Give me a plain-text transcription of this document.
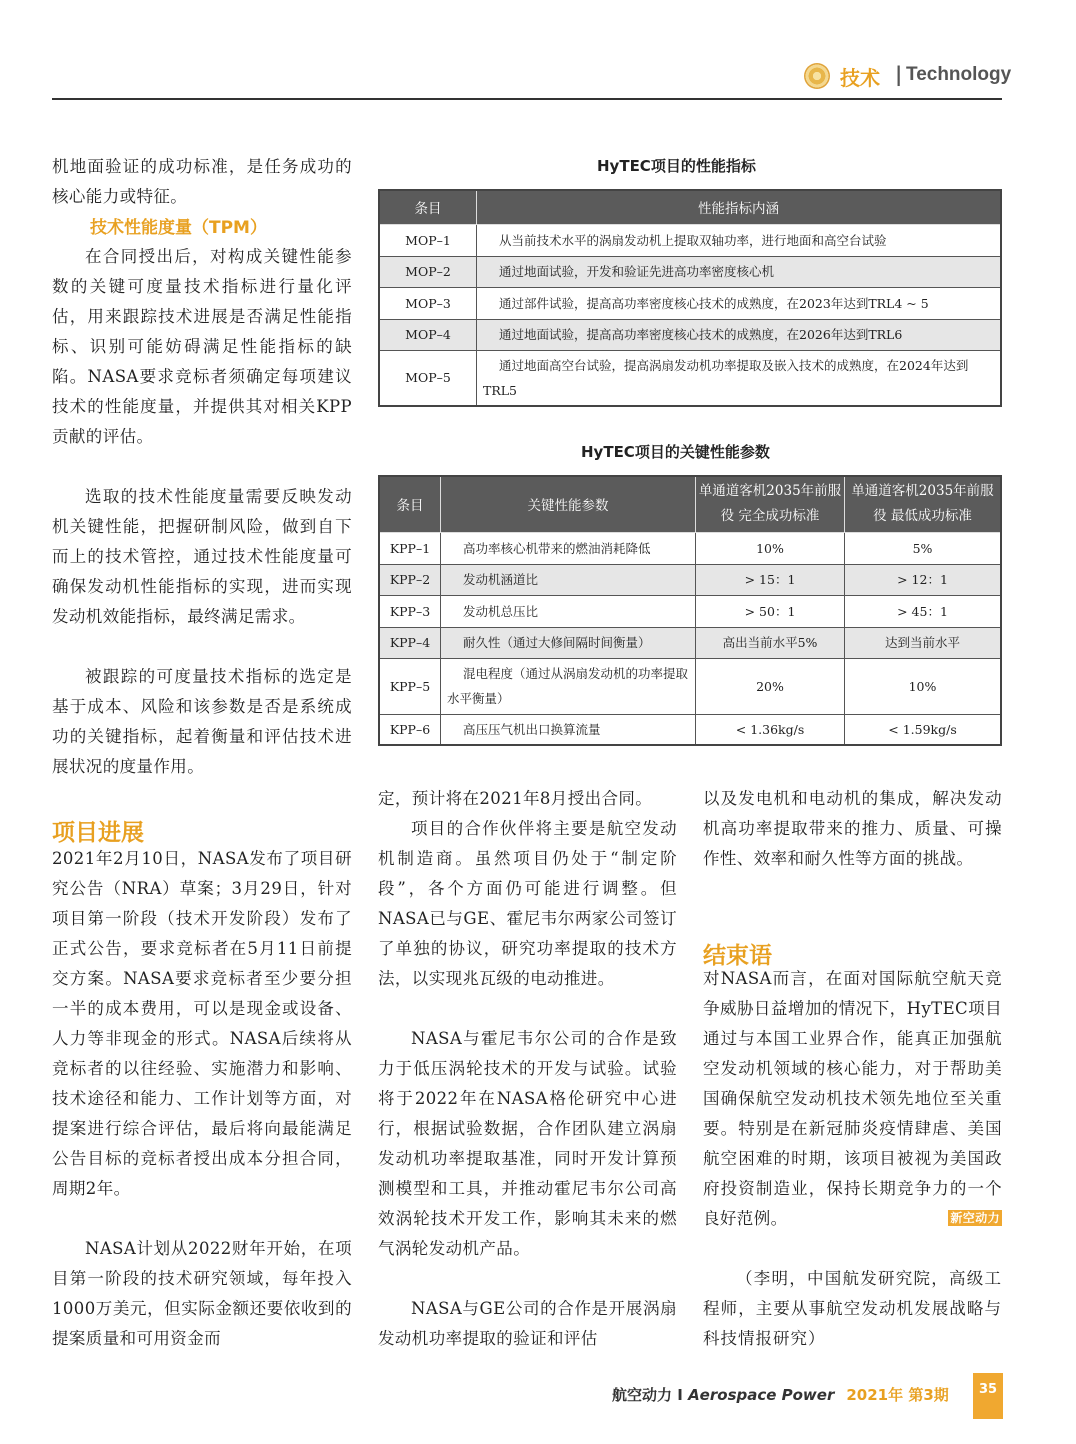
技术 | Technology
机地面验证的成功标准，是任务成功的核心能力或特征。
技术性能度量（TPM）
在合同授出后，对构成关键性能参数的关键可度量技术指标进行量化评估，用来跟踪技术进展是否满足性能指标、识别可能妨碍满足性能指标的缺陷。NASA要求竞标者须确定每项建议技术的性能度量，并提供其对相关KPP贡献的评估。
选取的技术性能度量需要反映发动机关键性能，把握研制风险，做到自下而上的技术管控，通过技术性能度量可确保发动机性能指标的实现，进而实现发动机效能指标，最终满足需求。
被跟踪的可度量技术指标的选定是基于成本、风险和该参数是否是系统成功的关键指标，起着衡量和评估技术进展状况的度量作用。
项目进展
2021年2月10日，NASA发布了项目研究公告（NRA）草案；3月29日，针对项目第一阶段（技术开发阶段）发布了正式公告，要求竞标者在5月11日前提交方案。NASA要求竞标者至少要分担一半的成本费用，可以是现金或设备、人力等非现金的形式。NASA后续将从竞标者的以往经验、实施潜力和影响、技术途径和能力、工作计划等方面，对提案进行综合评估，最后将向最能满足公告目标的竞标者授出成本分担合同，周期2年。
NASA计划从2022财年开始，在项目第一阶段的技术研究领域，每年投入1000万美元，但实际金额还要依收到的提案质量和可用资金而
HyTEC项目的性能指标
条目	性能指标内涵
MOP–1	从当前技术水平的涡扇发动机上提取双轴功率，进行地面和高空台试验
MOP–2	通过地面试验，开发和验证先进高功率密度核心机
MOP–3	通过部件试验，提高高功率密度核心技术的成熟度，在2023年达到TRL4 ~ 5
MOP–4	通过地面试验，提高高功率密度核心技术的成熟度，在2026年达到TRL6
MOP–5	通过地面高空台试验，提高涡扇发动机功率提取及嵌入技术的成熟度，在2024年达到TRL5
HyTEC项目的关键性能参数
条目	关键性能参数	单通道客机2035年前服役 完全成功标准	单通道客机2035年前服役 最低成功标准
KPP–1	高功率核心机带来的燃油消耗降低	10%	5%
KPP–2	发动机涵道比	> 15：1	> 12：1
KPP–3	发动机总压比	> 50：1	> 45：1
KPP–4	耐久性（通过大修间隔时间衡量）	高出当前水平5%	达到当前水平
KPP–5	混电程度（通过从涡扇发动机的功率提取水平衡量）	20%	10%
KPP–6	高压压气机出口换算流量	< 1.36kg/s	< 1.59kg/s
定，预计将在2021年8月授出合同。
项目的合作伙伴将主要是航空发动机制造商。虽然项目仍处于“制定阶段”，各个方面仍可能进行调整。但NASA已与GE、霍尼韦尔两家公司签订了单独的协议，研究功率提取的技术方法，以实现兆瓦级的电动推进。
NASA与霍尼韦尔公司的合作是致力于低压涡轮技术的开发与试验。试验将于2022年在NASA格伦研究中心进行，根据试验数据，合作团队建立涡扇发动机功率提取基准，同时开发计算预测模型和工具，并推动霍尼韦尔公司高效涡轮技术开发工作，影响其未来的燃气涡轮发动机产品。
NASA与GE公司的合作是开展涡扇发动机功率提取的验证和评估
以及发电机和电动机的集成，解决发动机高功率提取带来的推力、质量、可操作性、效率和耐久性等方面的挑战。
结束语
对NASA而言，在面对国际航空航天竞争威胁日益增加的情况下，HyTEC项目通过与本国工业界合作，能真正加强航空发动机领域的核心能力，对于帮助美国确保航空发动机技术领先地位至关重要。特别是在新冠肺炎疫情肆虐、美国航空困难的时期，该项目被视为美国政府投资制造业，保持长期竞争力的一个良好范例。	新空动力
（李明，中国航发研究院，高级工程师，主要从事航空发动机发展战略与科技情报研究）
航空动力 I Aerospace Power 2021年 第3期	35
